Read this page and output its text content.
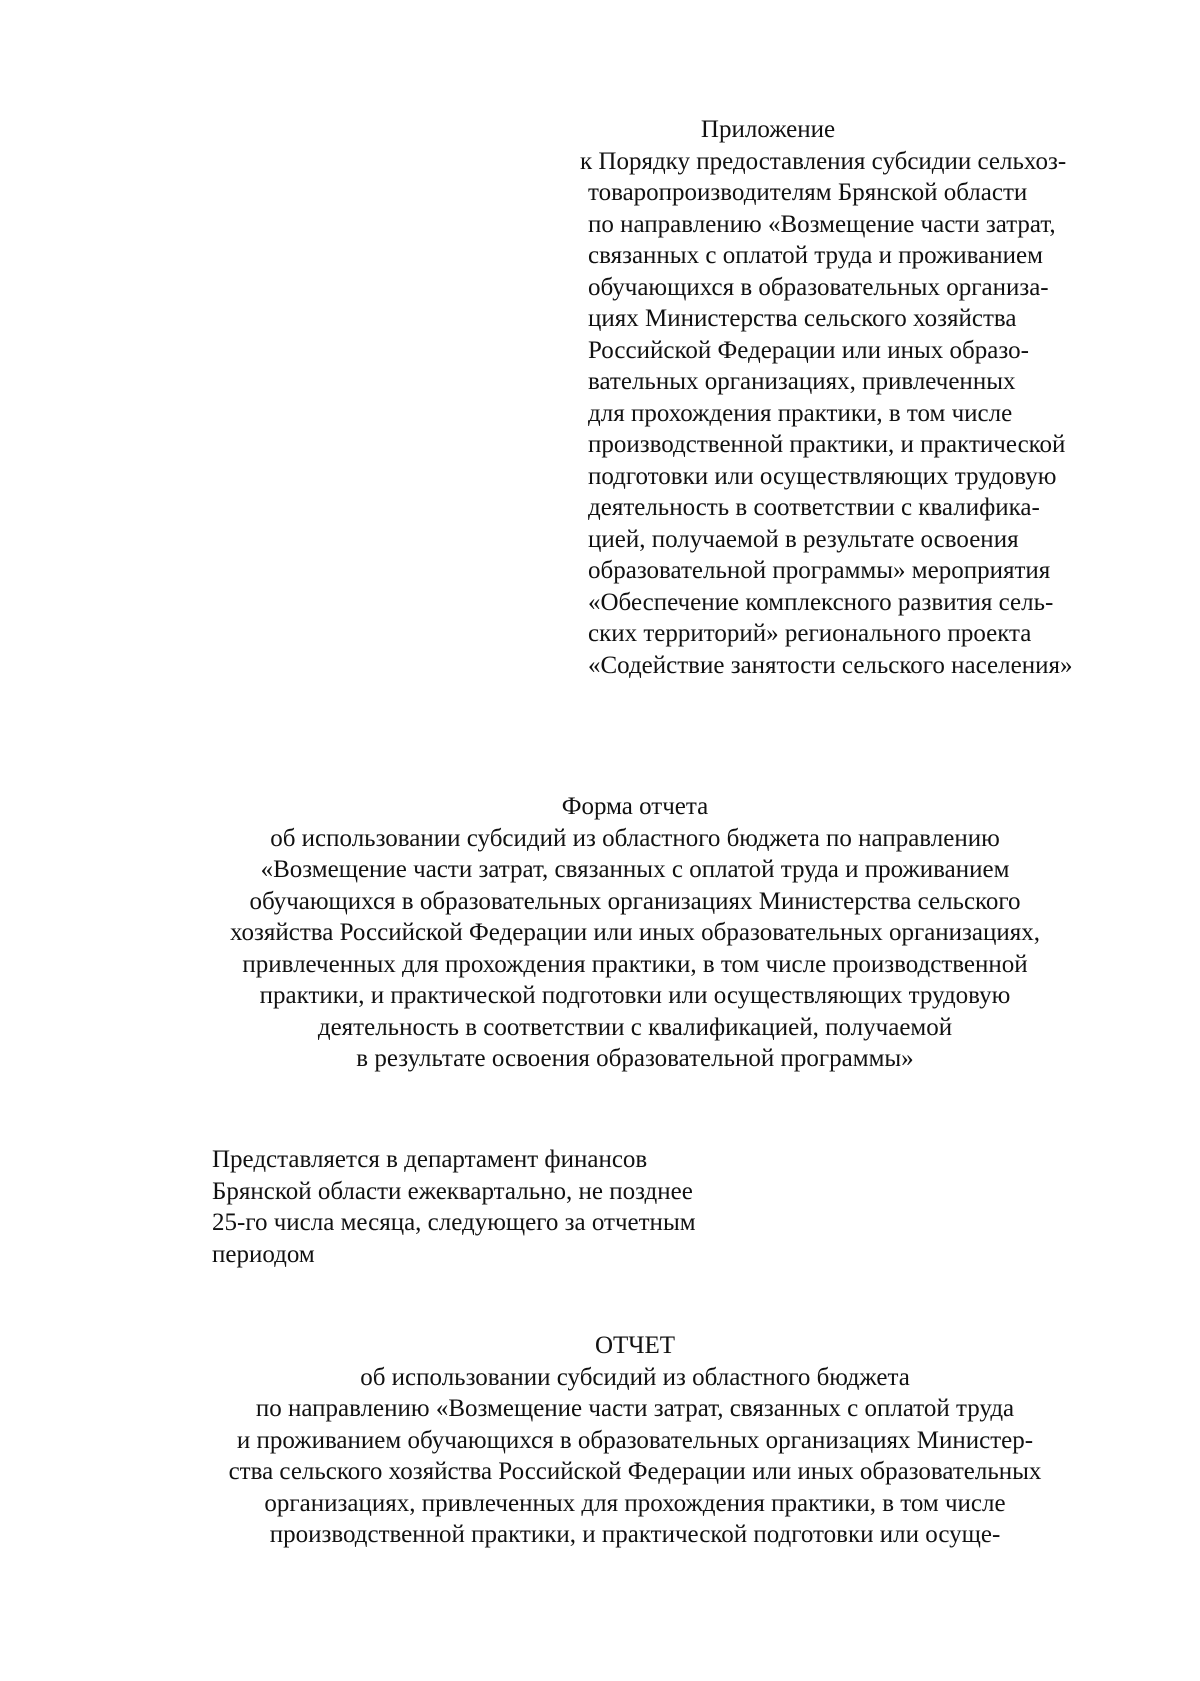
Приложение
к Порядку предоставления субсидии сельхоз-
товаропроизводителям Брянской области
по направлению «Возмещение части затрат,
связанных с оплатой труда и проживанием
обучающихся в образовательных организа-
циях Министерства сельского хозяйства
Российской Федерации или иных образо-
вательных организациях, привлеченных
для прохождения практики, в том числе
производственной практики, и практической
подготовки или осуществляющих трудовую
деятельность в соответствии с квалифика-
цией, получаемой в результате освоения
образовательной программы» мероприятия
«Обеспечение комплексного развития сель-
ских территорий» регионального проекта
«Содействие занятости сельского населения»
Форма отчета
об использовании субсидий из областного бюджета по направлению
«Возмещение части затрат, связанных с оплатой труда и проживанием
обучающихся в образовательных организациях Министерства сельского
хозяйства Российской Федерации или иных образовательных организациях,
привлеченных для прохождения практики, в том числе производственной
практики, и практической подготовки или осуществляющих трудовую
деятельность в соответствии с квалификацией, получаемой
в результате освоения образовательной программы»
Представляется в департамент финансов
Брянской области ежеквартально, не позднее
25-го числа месяца, следующего за отчетным
периодом
ОТЧЕТ
об использовании субсидий из областного бюджета
по направлению «Возмещение части затрат, связанных с оплатой труда
и проживанием обучающихся в образовательных организациях Министер-
ства сельского хозяйства Российской Федерации или иных образовательных
организациях, привлеченных для прохождения практики, в том числе
производственной практики, и практической подготовки или осуще-
